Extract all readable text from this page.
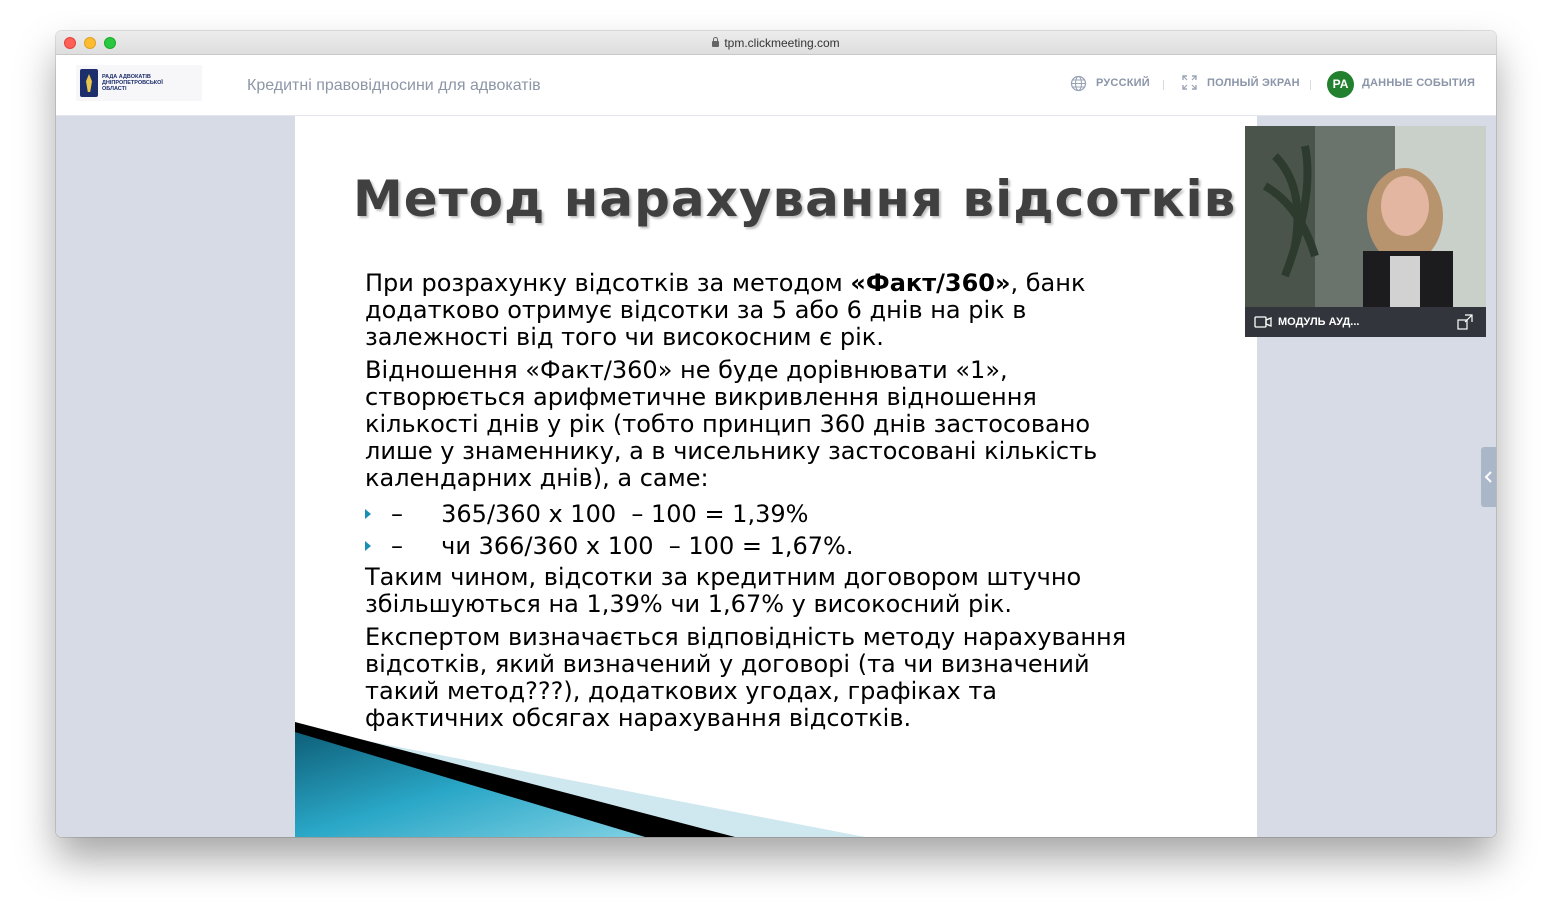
tpm.clickmeeting.com
РАДА АДВОКАТІВ ДНІПРОПЕТРОВСЬКОЇ ОБЛАСТІ	Кредитні правовідносини для адвокатів	РУССКИЙ	ПОЛНЫЙ ЭКРАН	PA	ДАННЫЕ СОБЫТИЯ
Метод нарахування відсотків
При розрахунку відсотків за методом «Факт/360», банк
додатково отримує відсотки за 5 або 6 днів на рік в
залежності від того чи високосним є рік.
Відношення «Факт/360» не буде дорівнювати «1»,
створюється арифметичне викривлення відношення
кількості днів у рік (тобто принцип 360 днів застосовано
лише у знаменнику, а в чисельнику застосовані кількість
календарних днів), а саме:
–     365/360 х 100  – 100 = 1,39%
–     чи 366/360 х 100  – 100 = 1,67%.
Таким чином, відсотки за кредитним договором штучно
збільшуються на 1,39% чи 1,67% у високосний рік.
Експертом визначається відповідність методу нарахування
відсотків, який визначений у договорі (та чи визначений
такий метод???), додаткових угодах, графіках та
фактичних обсягах нарахування відсотків.
МОДУЛЬ АУД...
